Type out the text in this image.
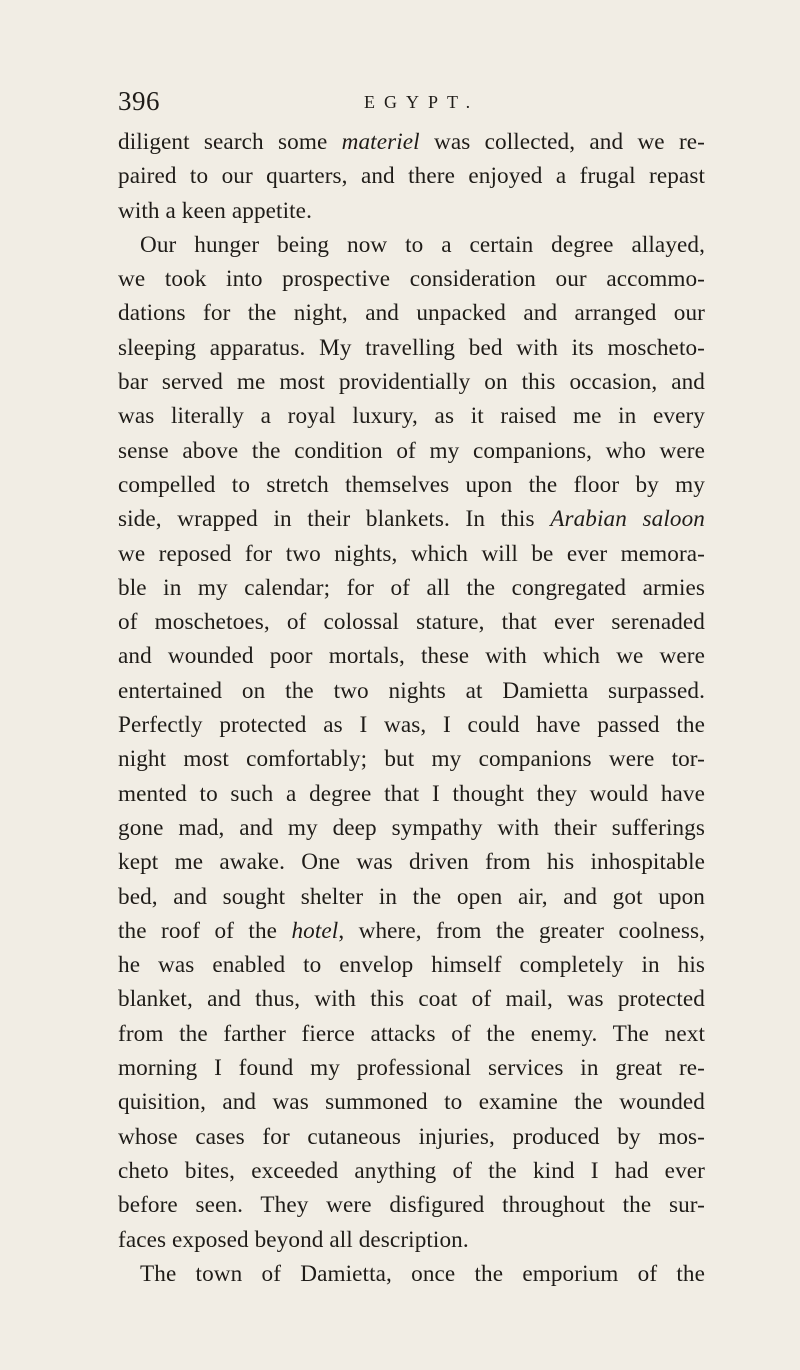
396	EGYPT.
diligent search some materiel was collected, and we re-
paired to our quarters, and there enjoyed a frugal repast
with a keen appetite.
Our hunger being now to a certain degree allayed,
we took into prospective consideration our accommo-
dations for the night, and unpacked and arranged our
sleeping apparatus. My travelling bed with its moscheto-
bar served me most providentially on this occasion, and
was literally a royal luxury, as it raised me in every
sense above the condition of my companions, who were
compelled to stretch themselves upon the floor by my
side, wrapped in their blankets. In this Arabian saloon
we reposed for two nights, which will be ever memora-
ble in my calendar; for of all the congregated armies
of moschetoes, of colossal stature, that ever serenaded
and wounded poor mortals, these with which we were
entertained on the two nights at Damietta surpassed.
Perfectly protected as I was, I could have passed the
night most comfortably; but my companions were tor-
mented to such a degree that I thought they would have
gone mad, and my deep sympathy with their sufferings
kept me awake. One was driven from his inhospitable
bed, and sought shelter in the open air, and got upon
the roof of the hotel, where, from the greater coolness,
he was enabled to envelop himself completely in his
blanket, and thus, with this coat of mail, was protected
from the farther fierce attacks of the enemy. The next
morning I found my professional services in great re-
quisition, and was summoned to examine the wounded
whose cases for cutaneous injuries, produced by mos-
cheto bites, exceeded anything of the kind I had ever
before seen. They were disfigured throughout the sur-
faces exposed beyond all description.
The town of Damietta, once the emporium of the
